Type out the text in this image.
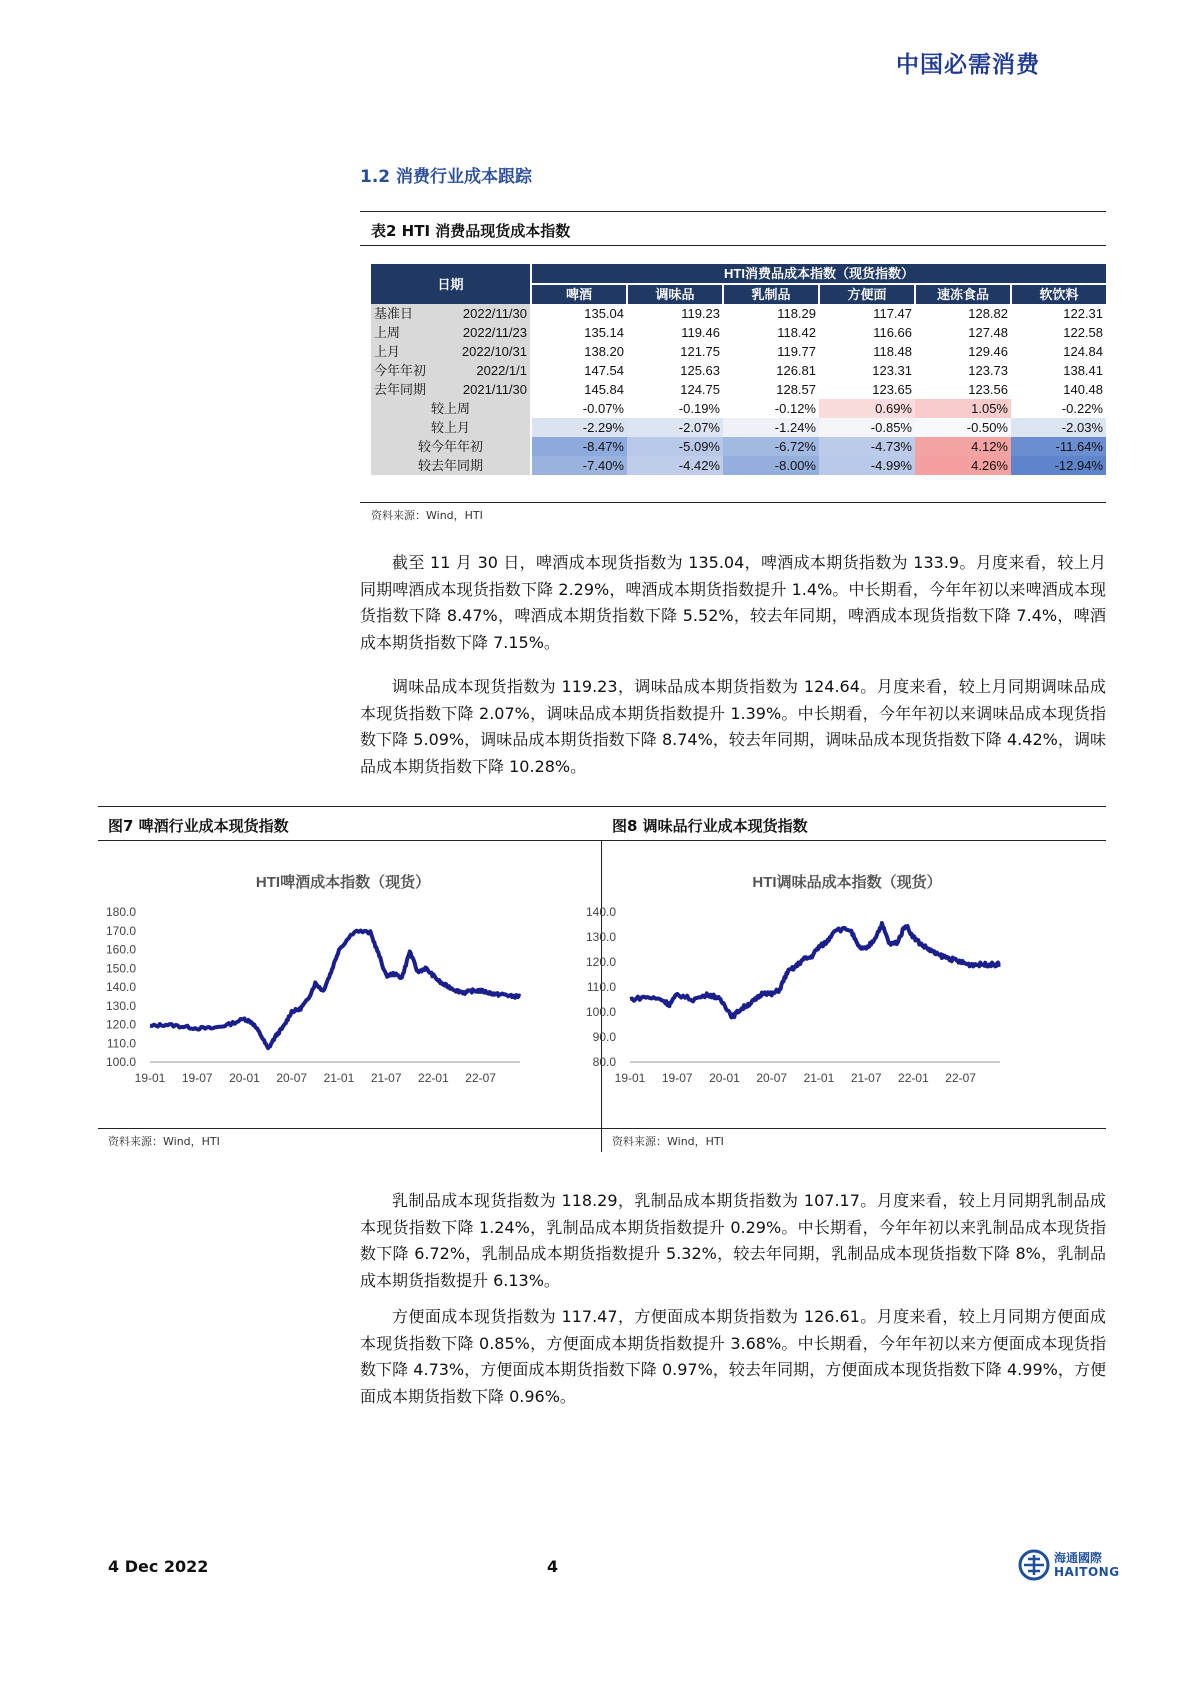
中国必需消费
1.2 消费行业成本跟踪
表2 HTI 消费品现货成本指数
日期			HTI消费品成本指数（现货指数）					
			啤酒	调味品	乳制品	方便面	速冻食品	软饮料
基准日	2022/11/30		135.04	119.23	118.29	117.47	128.82	122.31
上周	2022/11/23		135.14	119.46	118.42	116.66	127.48	122.58
上月	2022/10/31		138.20	121.75	119.77	118.48	129.46	124.84
今年年初	2022/1/1		147.54	125.63	126.81	123.31	123.73	138.41
去年同期	2021/11/30		145.84	124.75	128.57	123.65	123.56	140.48
较上周			-0.07%	-0.19%	-0.12%	0.69%	1.05%	-0.22%
较上月			-2.29%	-2.07%	-1.24%	-0.85%	-0.50%	-2.03%
较今年年初			-8.47%	-5.09%	-6.72%	-4.73%	4.12%	-11.64%
较去年同期			-7.40%	-4.42%	-8.00%	-4.99%	4.26%	-12.94%
资料来源：Wind，HTI

截至 11 月 30 日，啤酒成本现货指数为 135.04，啤酒成本期货指数为 133.9。月度来看，较上月同期啤酒成本现货指数下降 2.29%，啤酒成本期货指数提升 1.4%。中长期看，今年年初以来啤酒成本现货指数下降 8.47%，啤酒成本期货指数下降 5.52%，较去年同期，啤酒成本现货指数下降 7.4%，啤酒成本期货指数下降 7.15%。

调味品成本现货指数为 119.23，调味品成本期货指数为 124.64。月度来看，较上月同期调味品成本现货指数下降 2.07%，调味品成本期货指数提升 1.39%。中长期看，今年年初以来调味品成本现货指数下降 5.09%，调味品成本期货指数下降 8.74%，较去年同期，调味品成本现货指数下降 4.42%，调味品成本期货指数下降 10.28%。

图7 啤酒行业成本现货指数	图8 调味品行业成本现货指数
HTI啤酒成本指数（现货）
100.0
110.0
120.0
130.0
140.0
150.0
160.0
170.0
180.0
19-01 19-07 20-01 20-07 21-01 21-07 22-01 22-07
HTI调味品成本指数（现货）
80.0
90.0
100.0
110.0
120.0
130.0
140.0
19-01 19-07 20-01 20-07 21-01 21-07 22-01 22-07
资料来源：Wind，HTI	资料来源：Wind，HTI

乳制品成本现货指数为 118.29，乳制品成本期货指数为 107.17。月度来看，较上月同期乳制品成本现货指数下降 1.24%，乳制品成本期货指数提升 0.29%。中长期看，今年年初以来乳制品成本现货指数下降 6.72%，乳制品成本期货指数提升 5.32%，较去年同期，乳制品成本现货指数下降 8%，乳制品成本期货指数提升 6.13%。

方便面成本现货指数为 117.47，方便面成本期货指数为 126.61。月度来看，较上月同期方便面成本现货指数下降 0.85%，方便面成本期货指数提升 3.68%。中长期看，今年年初以来方便面成本现货指数下降 4.73%，方便面成本期货指数下降 0.97%，较去年同期，方便面成本现货指数下降 4.99%，方便面成本期货指数下降 0.96%。

4 Dec 2022	4	海通國際
HAITONG
